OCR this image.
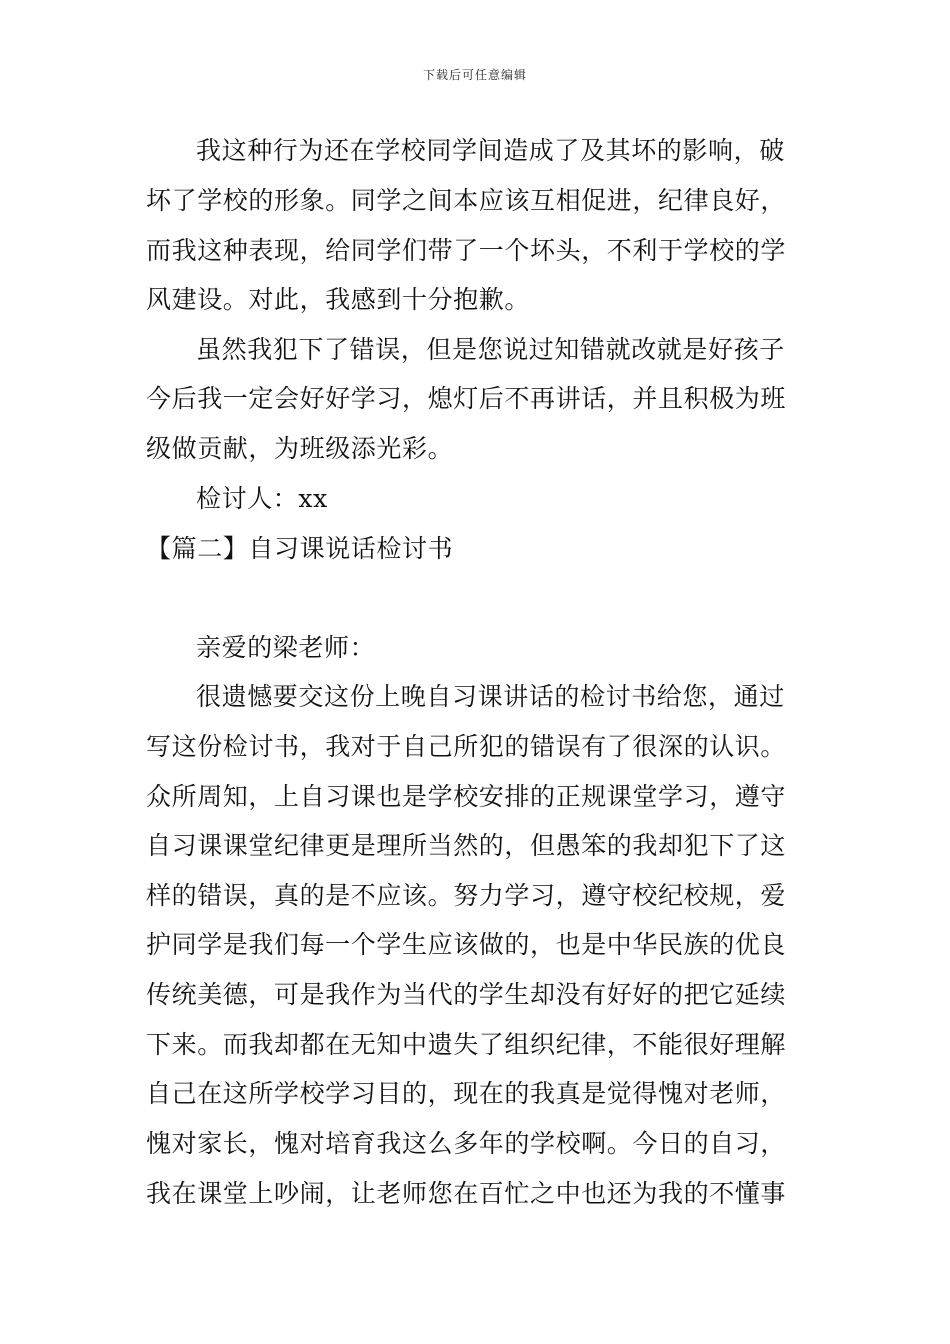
下载后可任意编辑
我这种行为还在学校同学间造成了及其坏的影响，破
坏了学校的形象。同学之间本应该互相促进，纪律良好，
而我这种表现，给同学们带了一个坏头，不利于学校的学
风建设。对此，我感到十分抱歉。
虽然我犯下了错误，但是您说过知错就改就是好孩子
今后我一定会好好学习，熄灯后不再讲话，并且积极为班
级做贡献，为班级添光彩。
检讨人：xx
【篇二】自习课说话检讨书
亲爱的梁老师：
很遗憾要交这份上晚自习课讲话的检讨书给您，通过
写这份检讨书，我对于自己所犯的错误有了很深的认识。
众所周知，上自习课也是学校安排的正规课堂学习，遵守
自习课课堂纪律更是理所当然的，但愚笨的我却犯下了这
样的错误，真的是不应该。努力学习，遵守校纪校规，爱
护同学是我们每一个学生应该做的，也是中华民族的优良
传统美德，可是我作为当代的学生却没有好好的把它延续
下来。而我却都在无知中遗失了组织纪律，不能很好理解
自己在这所学校学习目的，现在的我真是觉得愧对老师，
愧对家长，愧对培育我这么多年的学校啊。今日的自习，
我在课堂上吵闹，让老师您在百忙之中也还为我的不懂事
